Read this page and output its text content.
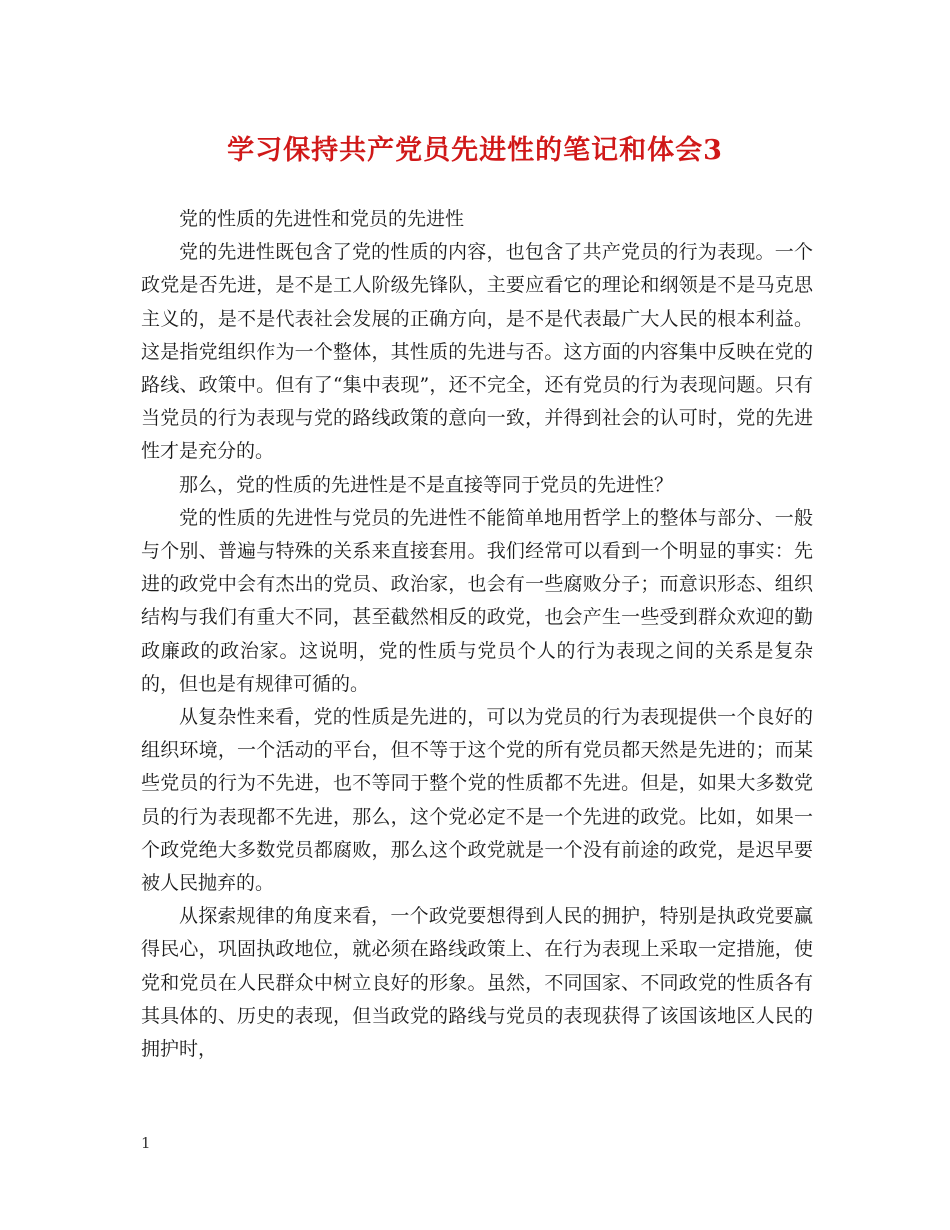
学习保持共产党员先进性的笔记和体会3

党的性质的先进性和党员的先进性

党的先进性既包含了党的性质的内容，也包含了共产党员的行为表现。一个政党是否先进，是不是工人阶级先锋队，主要应看它的理论和纲领是不是马克思主义的，是不是代表社会发展的正确方向，是不是代表最广大人民的根本利益。这是指党组织作为一个整体，其性质的先进与否。这方面的内容集中反映在党的路线、政策中。但有了“集中表现”，还不完全，还有党员的行为表现问题。只有当党员的行为表现与党的路线政策的意向一致，并得到社会的认可时，党的先进性才是充分的。

那么，党的性质的先进性是不是直接等同于党员的先进性？

党的性质的先进性与党员的先进性不能简单地用哲学上的整体与部分、一般与个别、普遍与特殊的关系来直接套用。我们经常可以看到一个明显的事实：先进的政党中会有杰出的党员、政治家，也会有一些腐败分子；而意识形态、组织结构与我们有重大不同，甚至截然相反的政党，也会产生一些受到群众欢迎的勤政廉政的政治家。这说明，党的性质与党员个人的行为表现之间的关系是复杂的，但也是有规律可循的。

从复杂性来看，党的性质是先进的，可以为党员的行为表现提供一个良好的组织环境，一个活动的平台，但不等于这个党的所有党员都天然是先进的；而某些党员的行为不先进，也不等同于整个党的性质都不先进。但是，如果大多数党员的行为表现都不先进，那么，这个党必定不是一个先进的政党。比如，如果一个政党绝大多数党员都腐败，那么这个政党就是一个没有前途的政党，是迟早要被人民抛弃的。

从探索规律的角度来看，一个政党要想得到人民的拥护，特别是执政党要赢得民心，巩固执政地位，就必须在路线政策上、在行为表现上采取一定措施，使党和党员在人民群众中树立良好的形象。虽然，不同国家、不同政党的性质各有其具体的、历史的表现，但当政党的路线与党员的表现获得了该国该地区人民的拥护时，

1
